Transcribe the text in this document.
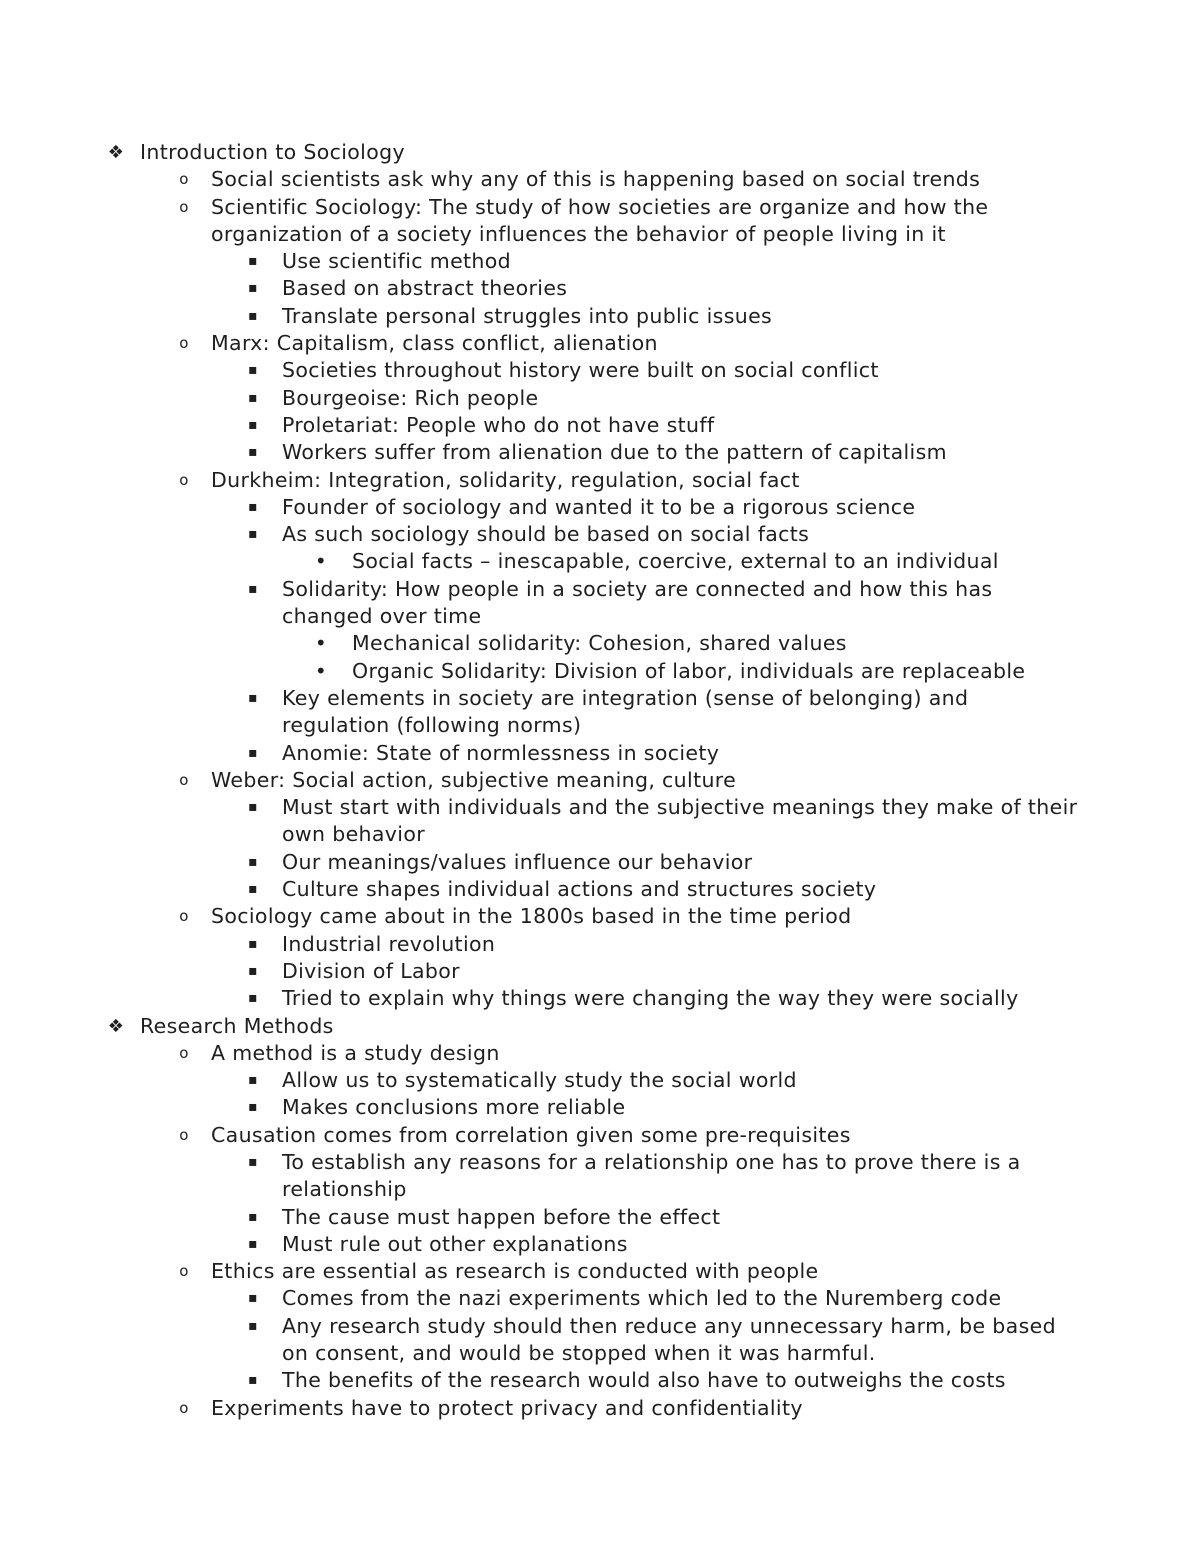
❖ Introduction to Sociology
o Social scientists ask why any of this is happening based on social trends
o Scientific Sociology: The study of how societies are organize and how the
organization of a society influences the behavior of people living in it
▪ Use scientific method
▪ Based on abstract theories
▪ Translate personal struggles into public issues
o Marx: Capitalism, class conflict, alienation
▪ Societies throughout history were built on social conflict
▪ Bourgeoise: Rich people
▪ Proletariat: People who do not have stuff
▪ Workers suffer from alienation due to the pattern of capitalism
o Durkheim: Integration, solidarity, regulation, social fact
▪ Founder of sociology and wanted it to be a rigorous science
▪ As such sociology should be based on social facts
• Social facts – inescapable, coercive, external to an individual
▪ Solidarity: How people in a society are connected and how this has
changed over time
• Mechanical solidarity: Cohesion, shared values
• Organic Solidarity: Division of labor, individuals are replaceable
▪ Key elements in society are integration (sense of belonging) and
regulation (following norms)
▪ Anomie: State of normlessness in society
o Weber: Social action, subjective meaning, culture
▪ Must start with individuals and the subjective meanings they make of their
own behavior
▪ Our meanings/values influence our behavior
▪ Culture shapes individual actions and structures society
o Sociology came about in the 1800s based in the time period
▪ Industrial revolution
▪ Division of Labor
▪ Tried to explain why things were changing the way they were socially
❖ Research Methods
o A method is a study design
▪ Allow us to systematically study the social world
▪ Makes conclusions more reliable
o Causation comes from correlation given some pre-requisites
▪ To establish any reasons for a relationship one has to prove there is a
relationship
▪ The cause must happen before the effect
▪ Must rule out other explanations
o Ethics are essential as research is conducted with people
▪ Comes from the nazi experiments which led to the Nuremberg code
▪ Any research study should then reduce any unnecessary harm, be based
on consent, and would be stopped when it was harmful.
▪ The benefits of the research would also have to outweighs the costs
o Experiments have to protect privacy and confidentiality
